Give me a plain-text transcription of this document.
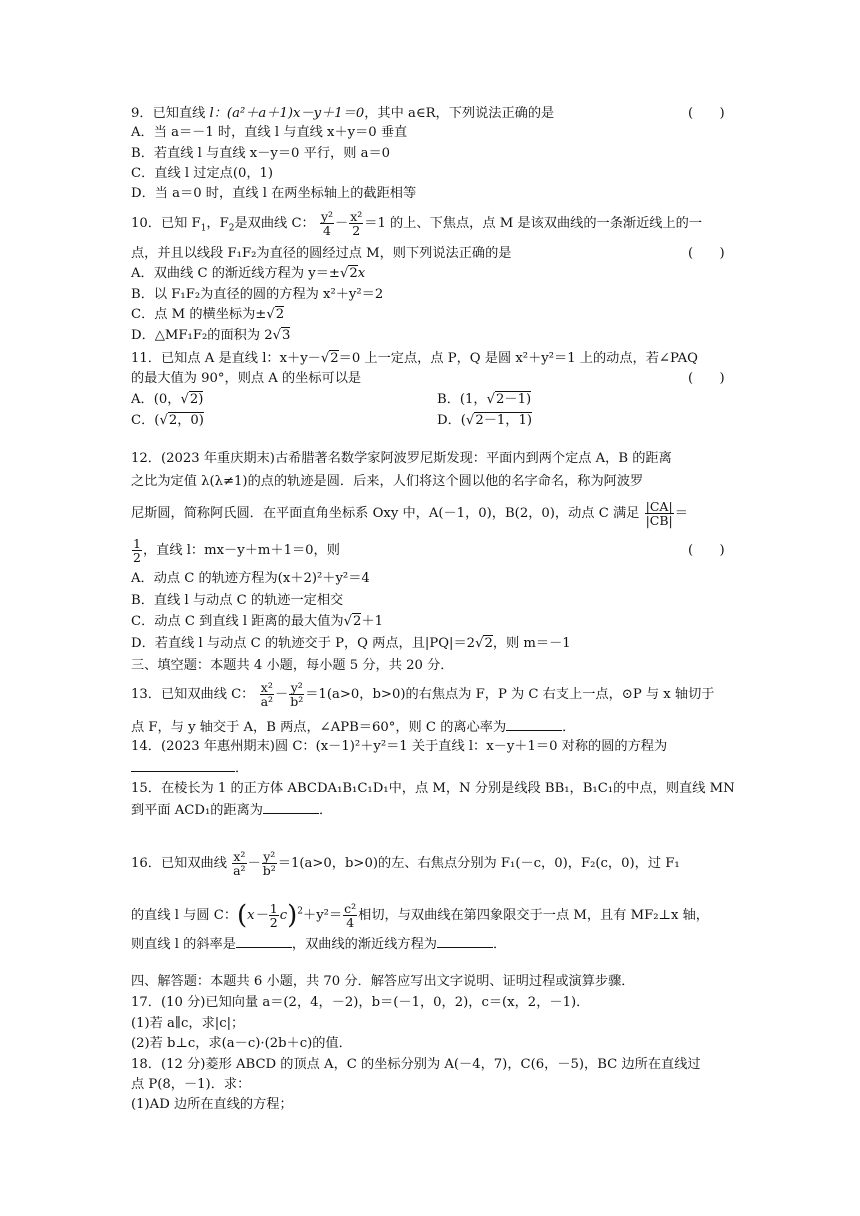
9．已知直线 l：(a²＋a＋1)x－y＋1＝0，其中 a∈R，下列说法正确的是	(　　)
A．当 a＝－1 时，直线 l 与直线 x＋y＝0 垂直
B．若直线 l 与直线 x－y＝0 平行，则 a＝0
C．直线 l 过定点(0，1)
D．当 a＝0 时，直线 l 在两坐标轴上的截距相等
10．已知 $F_1$，$F_2$是双曲线 C： $\frac{\text{y²}}{4} - \frac{\text{x²}}{2} =1$ 的上、下焦点，点 M 是该双曲线的一条渐近线上的一
点，并且以线段 F₁F₂为直径的圆经过点 M，则下列说法正确的是	(　　)
A．双曲线 C 的渐近线方程为 y＝±√2x
B．以 F₁F₂为直径的圆的方程为 x²＋y²＝2
C．点 M 的横坐标为±√2
D．△MF₁F₂的面积为 2√3
11．已知点 A 是直线 l：x＋y－√2＝0 上一定点，点 P，Q 是圆 x²＋y²＝1 上的动点，若∠PAQ
的最大值为 90°，则点 A 的坐标可以是	(　　)
A．(0，√2)	B．(1，√2－1)
C．(√2，0)	D．(√2－1，1)
12．(2023 年重庆期末)古希腊著名数学家阿波罗尼斯发现：平面内到两个定点 A，B 的距离
之比为定值 λ(λ≠1)的点的轨迹是圆．后来，人们将这个圆以他的名字命名，称为阿波罗
尼斯圆，简称阿氏圆．在平面直角坐标系 Oxy 中，A(－1，0)，B(2，0)，动点 C 满足 $\frac{|CA|}{|CB|}$ ＝
$\frac{1}{2}$ ，直线 l：mx－y＋m＋1＝0，则	(　　)
A．动点 C 的轨迹方程为(x＋2)²＋y²＝4
B．直线 l 与动点 C 的轨迹一定相交
C．动点 C 到直线 l 距离的最大值为√2＋1
D．若直线 l 与动点 C 的轨迹交于 P，Q 两点，且|PQ|＝2√2，则 m＝－1
三、填空题：本题共 4 小题，每小题 5 分，共 20 分．
13．已知双曲线 C： $\frac{\text{x²}}{\text{a²}} - \frac{\text{y²}}{\text{b²}} =1(a>0$，b>0)的右焦点为 F，P 为 C 右支上一点，⊙P 与 x 轴切于
点 F，与 y 轴交于 A，B 两点，∠APB＝60°，则 C 的离心率为	．
14．(2023 年惠州期末)圆 C：(x－1)²＋y²＝1 关于直线 l：x－y＋1＝0 对称的圆的方程为
．
15．在棱长为 1 的正方体 ABCDA₁B₁C₁D₁中，点 M，N 分别是线段 BB₁，B₁C₁的中点，则直线 MN
到平面 ACD₁的距离为	．
16．已知双曲线 $\frac{\text{x²}}{\text{a²}} - \frac{\text{y²}}{\text{b²}} =1(a>0$，b>0)的左、右焦点分别为 F₁(－c，0)，F₂(c，0)，过 F₁
的直线 l 与圆 C：$(x- \frac{1}{2} c)^2+y^2= \frac{\text{c²}}{4}$ 相切，与双曲线在第四象限交于一点 M，且有 MF₂⊥x 轴，
则直线 l 的斜率是	，双曲线的渐近线方程为	．
四、解答题：本题共 6 小题，共 70 分．解答应写出文字说明、证明过程或演算步骤．
17．(10 分)已知向量 a＝(2，4，－2)，b＝(－1，0，2)，c＝(x，2，－1)．
(1)若 a∥c，求|c|；
(2)若 b⊥c，求(a－c)·(2b＋c)的值．
18．(12 分)菱形 ABCD 的顶点 A，C 的坐标分别为 A(－4，7)，C(6，－5)，BC 边所在直线过
点 P(8，－1)．求：
(1)AD 边所在直线的方程；
